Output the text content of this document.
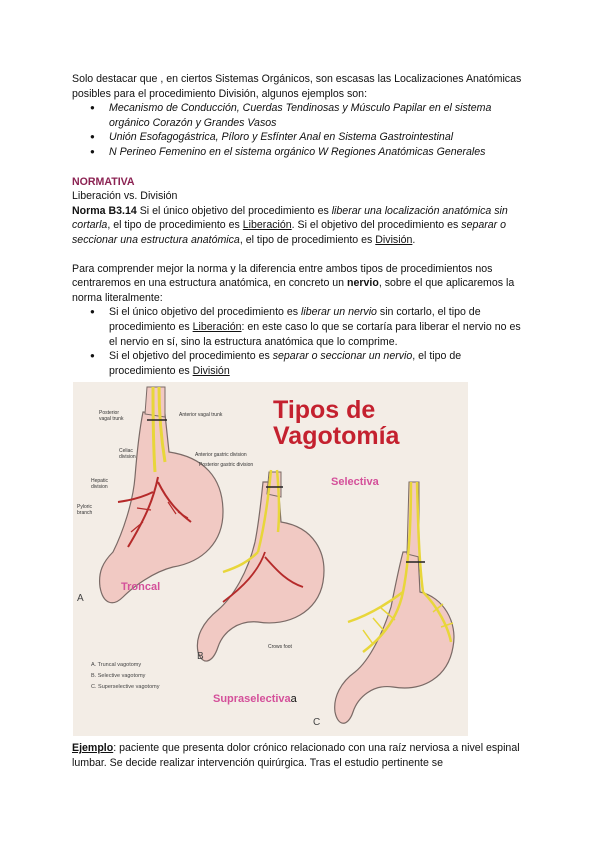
Solo destacar que , en ciertos Sistemas Orgánicos, son escasas las Localizaciones Anatómicas posibles para el procedimiento División, algunos ejemplos son:

● Mecanismo de Conducción, Cuerdas Tendinosas y Músculo Papilar en el sistema orgánico Corazón y Grandes Vasos
● Unión Esofagogástrica, Píloro y Esfínter Anal en Sistema Gastrointestinal
● N Perineo Femenino en el sistema orgánico W Regiones Anatómicas Generales

NORMATIVA

Liberación vs. División

Norma B3.14 Si el único objetivo del procedimiento es liberar una localización anatómica sin cortarla, el tipo de procedimiento es Liberación. Si el objetivo del procedimiento es separar o seccionar una estructura anatómica, el tipo de procedimiento es División.

Para comprender mejor la norma y la diferencia entre ambos tipos de procedimientos nos centraremos en una estructura anatómica, en concreto un nervio, sobre el que aplicaremos la norma literalmente:

● Si el único objetivo del procedimiento es liberar un nervio sin cortarlo, el tipo de procedimiento es Liberación: en este caso lo que se cortaría para liberar el nervio no es el nervio en sí, sino la estructura anatómica que lo comprime.
● Si el objetivo del procedimiento es separar o seccionar un nervio, el tipo de procedimiento es División
Tipos de
Vagotomía
Troncal
Selectiva
Supraselectivaa
A
B
C
Posterior vagal trunk
Anterior vagal trunk
Celiac division
Hepatic division
Pyloric branch
Anterior gastric division
Posterior gastric division
Crows foot
A. Truncal vagotomy
B. Selective vagotomy
C. Superselective vagotomy

Ejemplo: paciente que presenta dolor crónico relacionado con una raíz nerviosa a nivel espinal lumbar. Se decide realizar intervención quirúrgica. Tras el estudio pertinente se
